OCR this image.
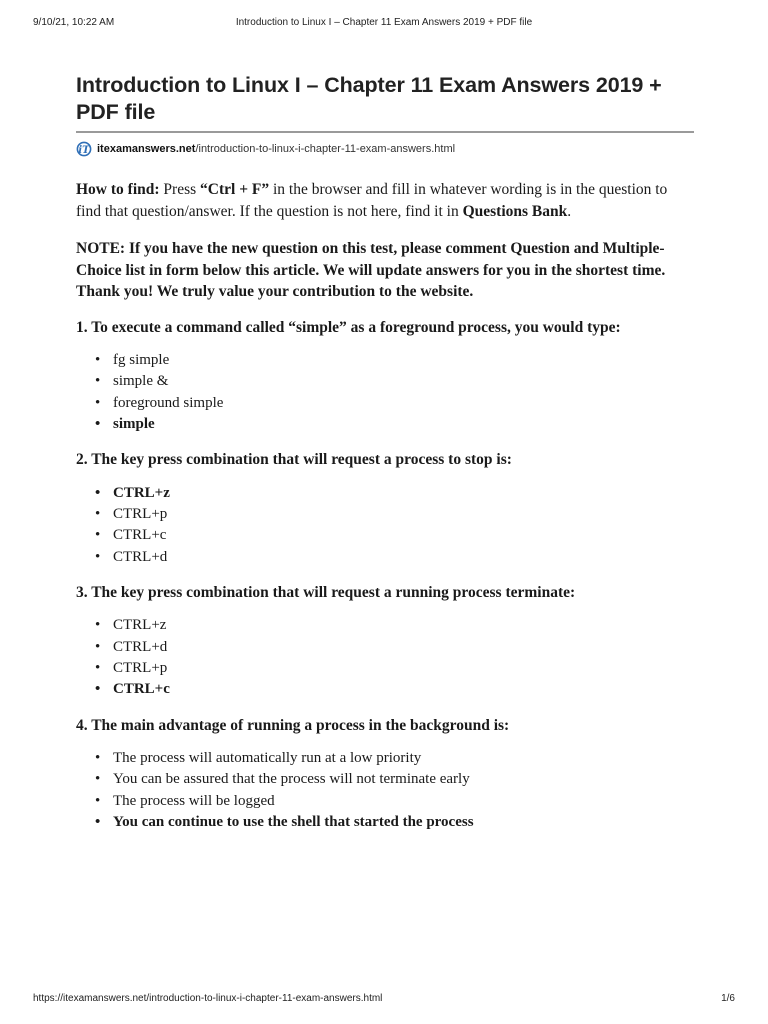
9/10/21, 10:22 AM	Introduction to Linux I – Chapter 11 Exam Answers 2019 + PDF file
Introduction to Linux I – Chapter 11 Exam Answers 2019 + PDF file
iT itexamanswers.net /introduction-to-linux-i-chapter-11-exam-answers.html
How to find: Press “Ctrl + F” in the browser and fill in whatever wording is in the question to find that question/answer. If the question is not here, find it in Questions Bank.
NOTE: If you have the new question on this test, please comment Question and Multiple-Choice list in form below this article. We will update answers for you in the shortest time. Thank you! We truly value your contribution to the website.
1. To execute a command called “simple” as a foreground process, you would type:
• fg simple
• simple &
• foreground simple
• simple
2. The key press combination that will request a process to stop is:
• CTRL+z
• CTRL+p
• CTRL+c
• CTRL+d
3. The key press combination that will request a running process terminate:
• CTRL+z
• CTRL+d
• CTRL+p
• CTRL+c
4. The main advantage of running a process in the background is:
• The process will automatically run at a low priority
• You can be assured that the process will not terminate early
• The process will be logged
• You can continue to use the shell that started the process
https://itexamanswers.net/introduction-to-linux-i-chapter-11-exam-answers.html	1/6
